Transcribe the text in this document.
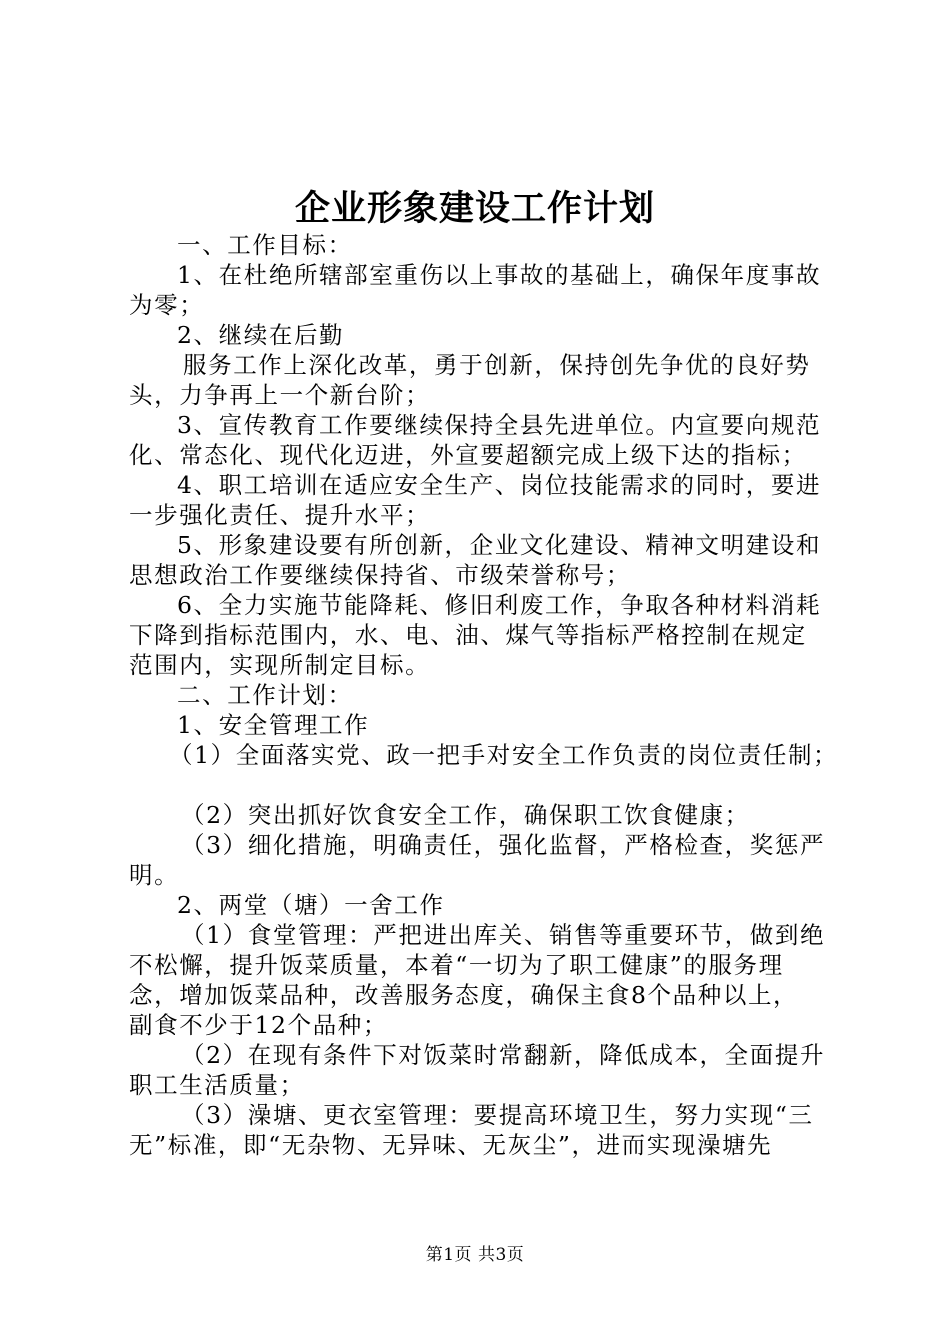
企业形象建设工作计划
一、工作目标：
1、在杜绝所辖部室重伤以上事故的基础上，确保年度事故
为零；
2、继续在后勤
服务工作上深化改革，勇于创新，保持创先争优的良好势
头，力争再上一个新台阶；
3、宣传教育工作要继续保持全县先进单位。内宣要向规范
化、常态化、现代化迈进，外宣要超额完成上级下达的指标；
4、职工培训在适应安全生产、岗位技能需求的同时，要进
一步强化责任、提升水平；
5、形象建设要有所创新，企业文化建设、精神文明建设和
思想政治工作要继续保持省、市级荣誉称号；
6、全力实施节能降耗、修旧利废工作，争取各种材料消耗
下降到指标范围内，水、电、油、煤气等指标严格控制在规定
范围内，实现所制定目标。
二、工作计划：
1、安全管理工作
（1）全面落实党、政一把手对安全工作负责的岗位责任制；
（2）突出抓好饮食安全工作，确保职工饮食健康；
（3）细化措施，明确责任，强化监督，严格检查，奖惩严
明。
2、两堂（塘）一舍工作
（1）食堂管理：严把进出库关、销售等重要环节，做到绝
不松懈，提升饭菜质量，本着“一切为了职工健康”的服务理
念，增加饭菜品种，改善服务态度，确保主食8个品种以上，
副食不少于12个品种；
（2）在现有条件下对饭菜时常翻新，降低成本，全面提升
职工生活质量；
（3）澡塘、更衣室管理：要提高环境卫生，努力实现“三
无”标准，即“无杂物、无异味、无灰尘”，进而实现澡塘先
第1页 共3页
